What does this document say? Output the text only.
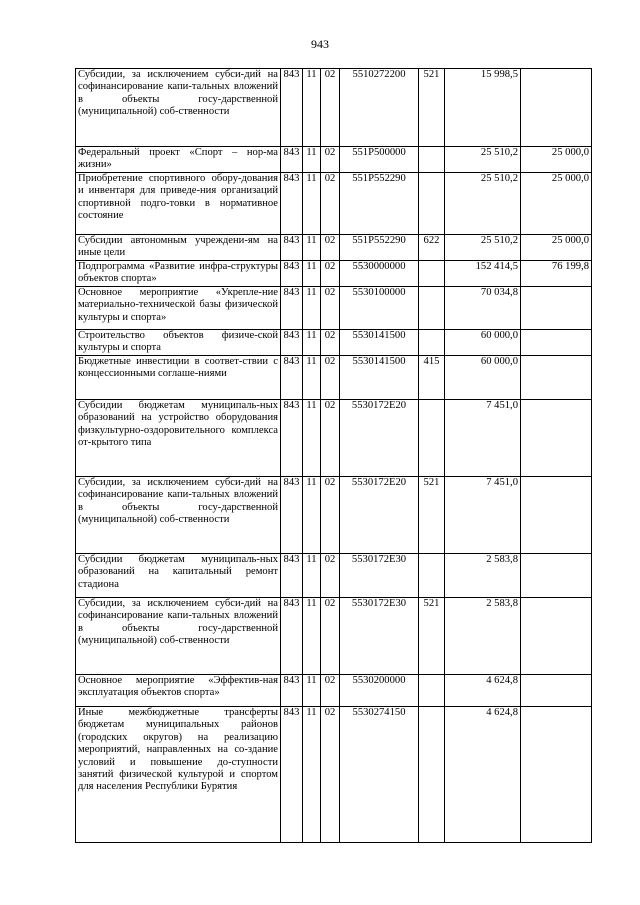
943
Субсидии, за исключением субси-дий на софинансирование капи-тальных вложений в объекты госу-дарственной (муниципальной) соб-ственности	843	11	02	5510272200	521	15 998,5	
Федеральный проект «Спорт – нор-ма жизни»	843	11	02	551P500000		25 510,2	25 000,0
Приобретение спортивного обору-дования и инвентаря для приведе-ния организаций спортивной подго-товки в нормативное состояние	843	11	02	551P552290		25 510,2	25 000,0
Субсидии автономным учреждени-ям на иные цели	843	11	02	551P552290	622	25 510,2	25 000,0
Подпрограмма «Развитие инфра-структуры объектов спорта»	843	11	02	5530000000		152 414,5	76 199,8
Основное мероприятие «Укрепле-ние материально-технической базы физической культуры и спорта»	843	11	02	5530100000		70 034,8	
Строительство объектов физиче-ской культуры и спорта	843	11	02	5530141500		60 000,0	
Бюджетные инвестиции в соответ-ствии с концессионными соглаше-ниями	843	11	02	5530141500	415	60 000,0	
Субсидии бюджетам муниципаль-ных образований на устройство оборудования физкультурно-оздоровительного комплекса от-крытого типа	843	11	02	5530172E20		7 451,0	
Субсидии, за исключением субси-дий на софинансирование капи-тальных вложений в объекты госу-дарственной (муниципальной) соб-ственности	843	11	02	5530172E20	521	7 451,0	
Субсидии бюджетам муниципаль-ных образований на капитальный ремонт стадиона	843	11	02	5530172E30		2 583,8	
Субсидии, за исключением субси-дий на софинансирование капи-тальных вложений в объекты госу-дарственной (муниципальной) соб-ственности	843	11	02	5530172E30	521	2 583,8	
Основное мероприятие «Эффектив-ная эксплуатация объектов спорта»	843	11	02	5530200000		4 624,8	
Иные межбюджетные трансферты бюджетам муниципальных районов (городских округов) на реализацию мероприятий, направленных на со-здание условий и повышение до-ступности занятий физической культурой и спортом для населения Республики Бурятия	843	11	02	5530274150		4 624,8	
